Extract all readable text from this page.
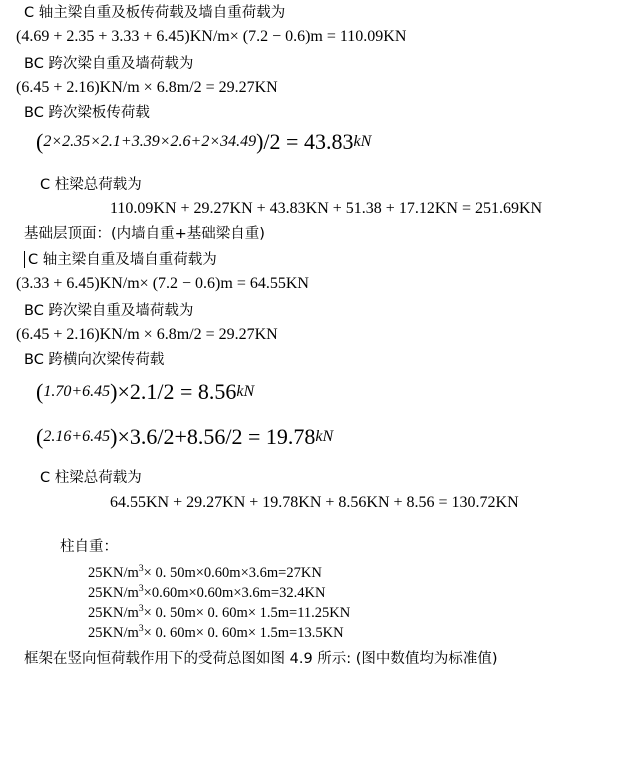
C 轴主梁自重及板传荷载及墙自重荷载为
(4.69 + 2.35 + 3.33 + 6.45)KN/m× (7.2 − 0.6)m = 110.09KN
BC 跨次梁自重及墙荷载为
(6.45 + 2.16)KN/m × 6.8m/2 = 29.27KN
BC 跨次梁板传荷载
(2×2.35×2.1+3.39×2.6+2×34.49)/2 = 43.83kN
C 柱梁总荷载为
110.09KN + 29.27KN + 43.83KN + 51.38 + 17.12KN = 251.69KN
基础层顶面：(内墙自重+基础梁自重)
C 轴主梁自重及墙自重荷载为
(3.33 + 6.45)KN/m× (7.2 − 0.6)m = 64.55KN
BC 跨次梁自重及墙荷载为
(6.45 + 2.16)KN/m × 6.8m/2 = 29.27KN
BC 跨横向次梁传荷载
(1.70+6.45)×2.1/2 = 8.56kN
(2.16+6.45)×3.6/2+8.56/2 = 19.78kN
C 柱梁总荷载为
64.55KN + 29.27KN + 19.78KN + 8.56KN + 8.56 = 130.72KN
柱自重：
$25KN/m^3\times 0$. 50m×0.60m×3.6m=27KN
$25KN/m^3\times 0.60m\times 0.60m\times 3.6m=32.4KN$
$25KN/m^3\times 0$. 50m× 0. 60m× 1.5m=11.25KN
$25KN/m^3\times 0$. 60m× 0. 60m× 1.5m=13.5KN
框架在竖向恒荷载作用下的受荷总图如图 4.9 所示: (图中数值均为标准值)
